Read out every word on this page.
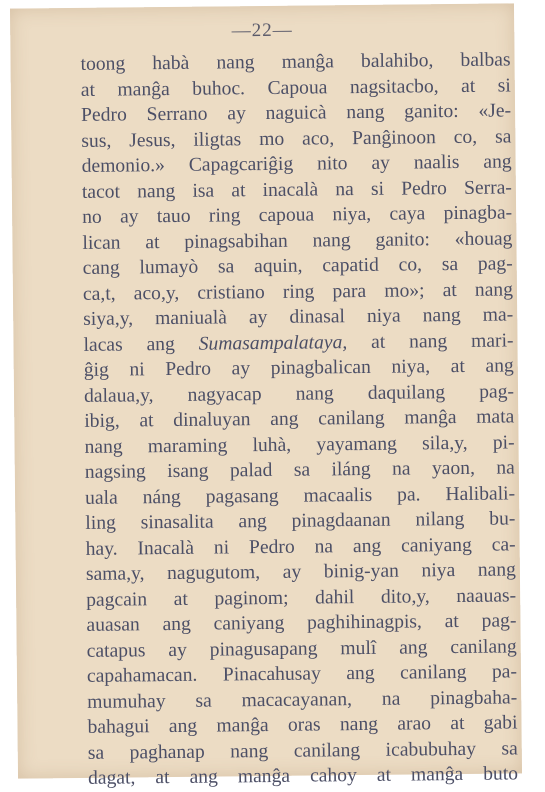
—22—
toong habà nang manĝa balahibo, balbas
at manĝa buhoc. Capoua nagsitacbo, at si
Pedro Serrano ay naguicà nang ganito: «Je-
sus, Jesus, iligtas mo aco, Panĝinoon co, sa
demonio.» Capagcariĝig nito ay naalis ang
tacot nang isa at inacalà na si Pedro Serra-
no ay tauo ring capoua niya, caya pinagba-
lican at pinagsabihan nang ganito: «houag
cang lumayò sa aquin, capatid co, sa pag-
ca,t, aco,y, cristiano ring para mo»; at nang
siya,y, maniualà ay dinasal niya nang ma-
lacas ang Sumasampalataya, at nang mari-
ĝig ni Pedro ay pinagbalican niya, at ang
dalaua,y, nagyacap nang daquilang pag-
ibig, at dinaluyan ang canilang manĝa mata
nang maraming luhà, yayamang sila,y, pi-
nagsing isang palad sa iláng na yaon, na
uala náng pagasang macaalis pa. Halibali-
ling sinasalita ang pinagdaanan nilang bu-
hay. Inacalà ni Pedro na ang caniyang ca-
sama,y, nagugutom, ay binig-yan niya nang
pagcain at paginom; dahil dito,y, naauas-
auasan ang caniyang paghihinagpis, at pag-
catapus ay pinagusapang mulî ang canilang
capahamacan. Pinacahusay ang canilang pa-
mumuhay sa macacayanan, na pinagbaha-
bahagui ang manĝa oras nang arao at gabi
sa paghanap nang canilang icabubuhay sa
dagat, at ang manĝa cahoy at manĝa buto
